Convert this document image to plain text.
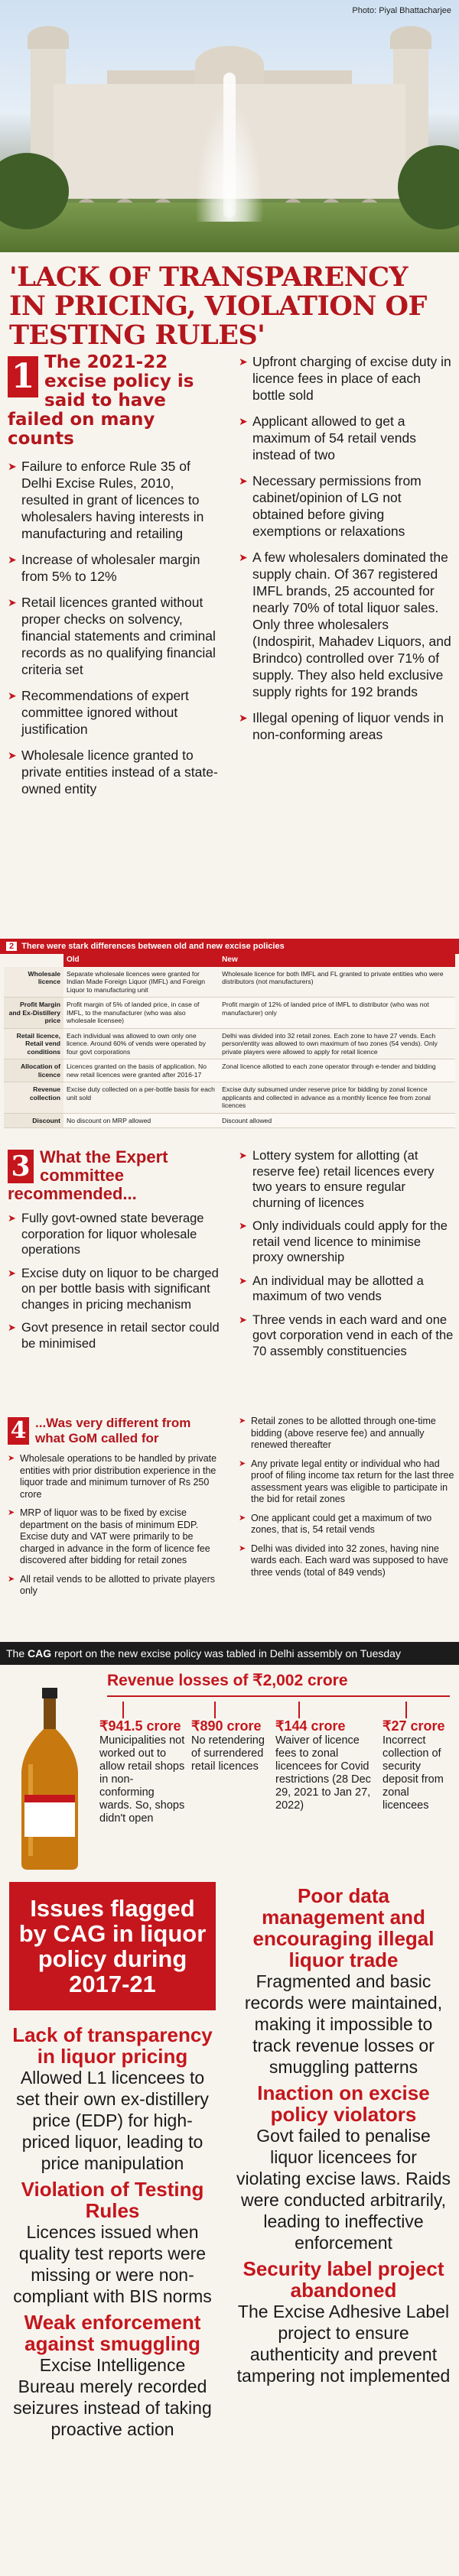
Photo: Piyal Bhattacharjee
'LACK OF TRANSPARENCY IN PRICING, VIOLATION OF TESTING RULES'
1 The 2021-22 excise policy is said to have failed on many counts
➤ Failure to enforce Rule 35 of Delhi Excise Rules, 2010, resulted in grant of licences to wholesalers having interests in manufacturing and retailing
➤ Increase of wholesaler margin from 5% to 12%
➤ Retail licences granted without proper checks on solvency, financial statements and criminal records as no qualifying financial criteria set
➤ Recommendations of expert committee ignored without justification
➤ Wholesale licence granted to private entities instead of a state-owned entity
➤ Upfront charging of excise duty in licence fees in place of each bottle sold
➤ Applicant allowed to get a maximum of 54 retail vends instead of two
➤ Necessary permissions from cabinet/opinion of LG not obtained before giving exemptions or relaxations
➤ A few wholesalers dominated the supply chain. Of 367 registered IMFL brands, 25 accounted for nearly 70% of total liquor sales. Only three wholesalers (Indospirit, Mahadev Liquors, and Brindco) controlled over 71% of supply. They also held exclusive supply rights for 192 brands
➤ Illegal opening of liquor vends in non-conforming areas
2 There were stark differences between old and new excise policies
	Old	New
Wholesale licence	Separate wholesale licences were granted for Indian Made Foreign Liquor (IMFL) and Foreign Liquor to manufacturing unit	Wholesale licence for both IMFL and FL granted to private entities who were distributors (not manufacturers)
Profit Margin and Ex-Distillery price	Profit margin of 5% of landed price, in case of IMFL, to the manufacturer (who was also wholesale licensee)	Profit margin of 12% of landed price of IMFL to distributor (who was not manufacturer) only
Retail licence, Retail vend conditions	Each individual was allowed to own only one licence. Around 60% of vends were operated by four govt corporations	Delhi was divided into 32 retail zones. Each zone to have 27 vends. Each person/entity was allowed to own maximum of two zones (54 vends). Only private players were allowed to apply for retail licence
Allocation of licence	Licences granted on the basis of application. No new retail licences were granted after 2016-17	Zonal licence allotted to each zone operator through e-tender and bidding
Revenue collection	Excise duty collected on a per-bottle basis for each unit sold	Excise duty subsumed under reserve price for bidding by zonal licence applicants and collected in advance as a monthly licence fee from zonal licences
Discount	No discount on MRP allowed	Discount allowed
3 What the Expert committee recommended...
➤ Fully govt-owned state beverage corporation for liquor wholesale operations
➤ Excise duty on liquor to be charged on per bottle basis with significant changes in pricing mechanism
➤ Govt presence in retail sector could be minimised
➤ Lottery system for allotting (at reserve fee) retail licences every two years to ensure regular churning of licences
➤ Only individuals could apply for the retail vend licence to minimise proxy ownership
➤ An individual may be allotted a maximum of two vends
➤ Three vends in each ward and one govt corporation vend in each of the 70 assembly constituencies
4 ...Was very different from what GoM called for
➤ Wholesale operations to be handled by private entities with prior distribution experience in the liquor trade and minimum turnover of Rs 250 crore
➤ MRP of liquor was to be fixed by excise department on the basis of minimum EDP. Excise duty and VAT were primarily to be charged in advance in the form of licence fee discovered after bidding for retail zones
➤ All retail vends to be allotted to private players only
➤ Retail zones to be allotted through one-time bidding (above reserve fee) and annually renewed thereafter
➤ Any private legal entity or individual who had proof of filing income tax return for the last three assessment years was eligible to participate in the bid for retail zones
➤ One applicant could get a maximum of two zones, that is, 54 retail vends
➤ Delhi was divided into 32 zones, having nine wards each. Each ward was supposed to have three vends (total of 849 vends)
The CAG report on the new excise policy was tabled in Delhi assembly on Tuesday
Revenue losses of ₹2,002 crore
₹941.5 crore
Municipalities not worked out to allow retail shops in non-conforming wards. So, shops didn't open
₹890 crore
No retendering of surrendered retail licences
₹144 crore
Waiver of licence fees to zonal licencees for Covid restrictions (28 Dec 29, 2021 to Jan 27, 2022)
₹27 crore
Incorrect collection of security deposit from zonal licencees
Issues flagged by CAG in liquor policy during 2017-21
Lack of transparency in liquor pricing
Allowed L1 licencees to set their own ex-distillery price (EDP) for high-priced liquor, leading to price manipulation
Violation of Testing Rules
Licences issued when quality test reports were missing or were non-compliant with BIS norms
Weak enforcement against smuggling
Excise Intelligence Bureau merely recorded seizures instead of taking proactive action
Poor data management and encouraging illegal liquor trade
Fragmented and basic records were maintained, making it impossible to track revenue losses or smuggling patterns
Inaction on excise policy violators
Govt failed to penalise liquor licencees for violating excise laws. Raids were conducted arbitrarily, leading to ineffective enforcement
Security label project abandoned
The Excise Adhesive Label project to ensure authenticity and prevent tampering not implemented
